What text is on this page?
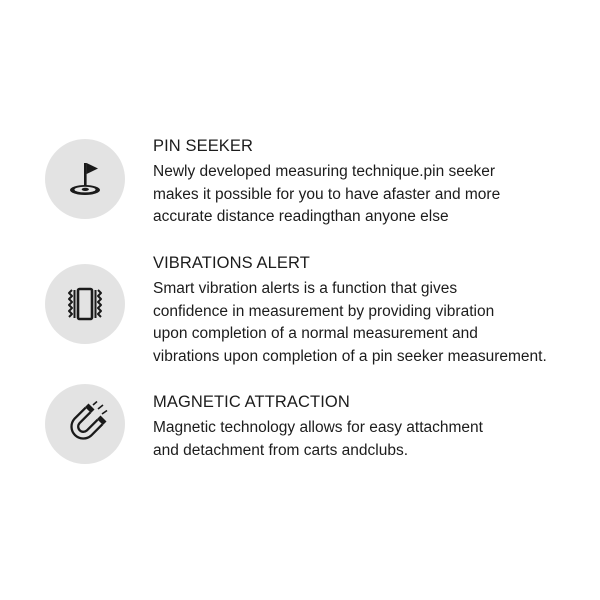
PIN SEEKER

Newly developed measuring technique.pin seeker
makes it possible for you to have afaster and more
accurate distance readingthan anyone else

VIBRATIONS ALERT

Smart vibration alerts is a function that gives
confidence in measurement by providing vibration
upon completion of a normal measurement and
vibrations upon completion of a pin seeker measurement.

MAGNETIC ATTRACTION

Magnetic technology allows for easy attachment
and detachment from carts andclubs.
